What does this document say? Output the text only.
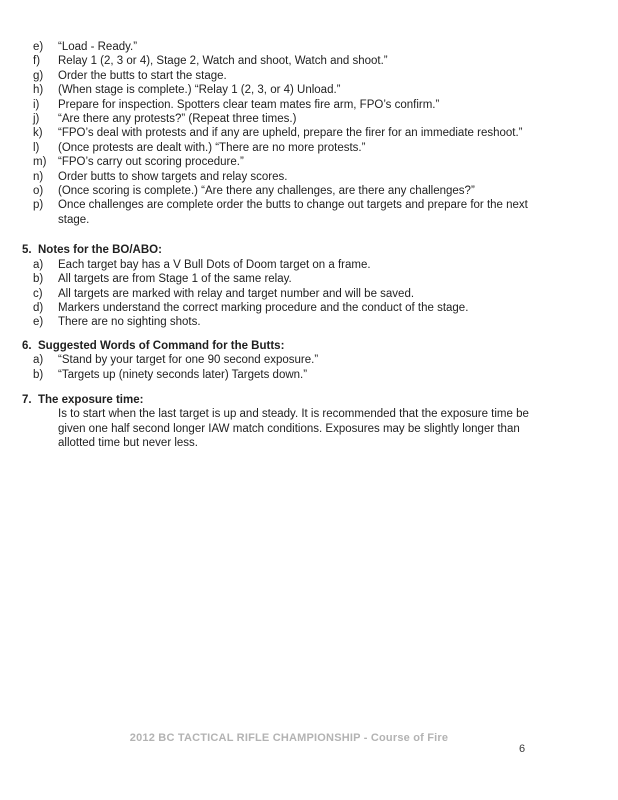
e)	“Load - Ready.”
f)	Relay 1 (2, 3 or 4), Stage 2, Watch and shoot, Watch and shoot.”
g)	Order the butts to start the stage.
h)	(When stage is complete.) “Relay 1 (2, 3, or 4) Unload.”
i)	Prepare for inspection. Spotters clear team mates fire arm, FPO’s confirm.”
j)	“Are there any protests?” (Repeat three times.)
k)	“FPO’s deal with protests and if any are upheld, prepare the firer for an immediate reshoot.”
l)	(Once protests are dealt with.) “There are no more protests.”
m)	“FPO’s carry out scoring procedure.”
n)	Order butts to show targets and relay scores.
o)	(Once scoring is complete.) “Are there any challenges, are there any challenges?”
p)	Once challenges are complete order the butts to change out targets and prepare for the next stage.
5. Notes for the BO/ABO:
a)	Each target bay has a V Bull Dots of Doom target on a frame.
b)	All targets are from Stage 1 of the same relay.
c)	All targets are marked with relay and target number and will be saved.
d)	Markers understand the correct marking procedure and the conduct of the stage.
e)	There are no sighting shots.
6. Suggested Words of Command for the Butts:
a)	“Stand by your target for one 90 second exposure.”
b)	“Targets up (ninety seconds later) Targets down.”
7. The exposure time:

Is to start when the last target is up and steady. It is recommended that the exposure time be given one half second longer IAW match conditions. Exposures may be slightly longer than allotted time but never less.

2012 BC TACTICAL RIFLE CHAMPIONSHIP - Course of Fire
6
